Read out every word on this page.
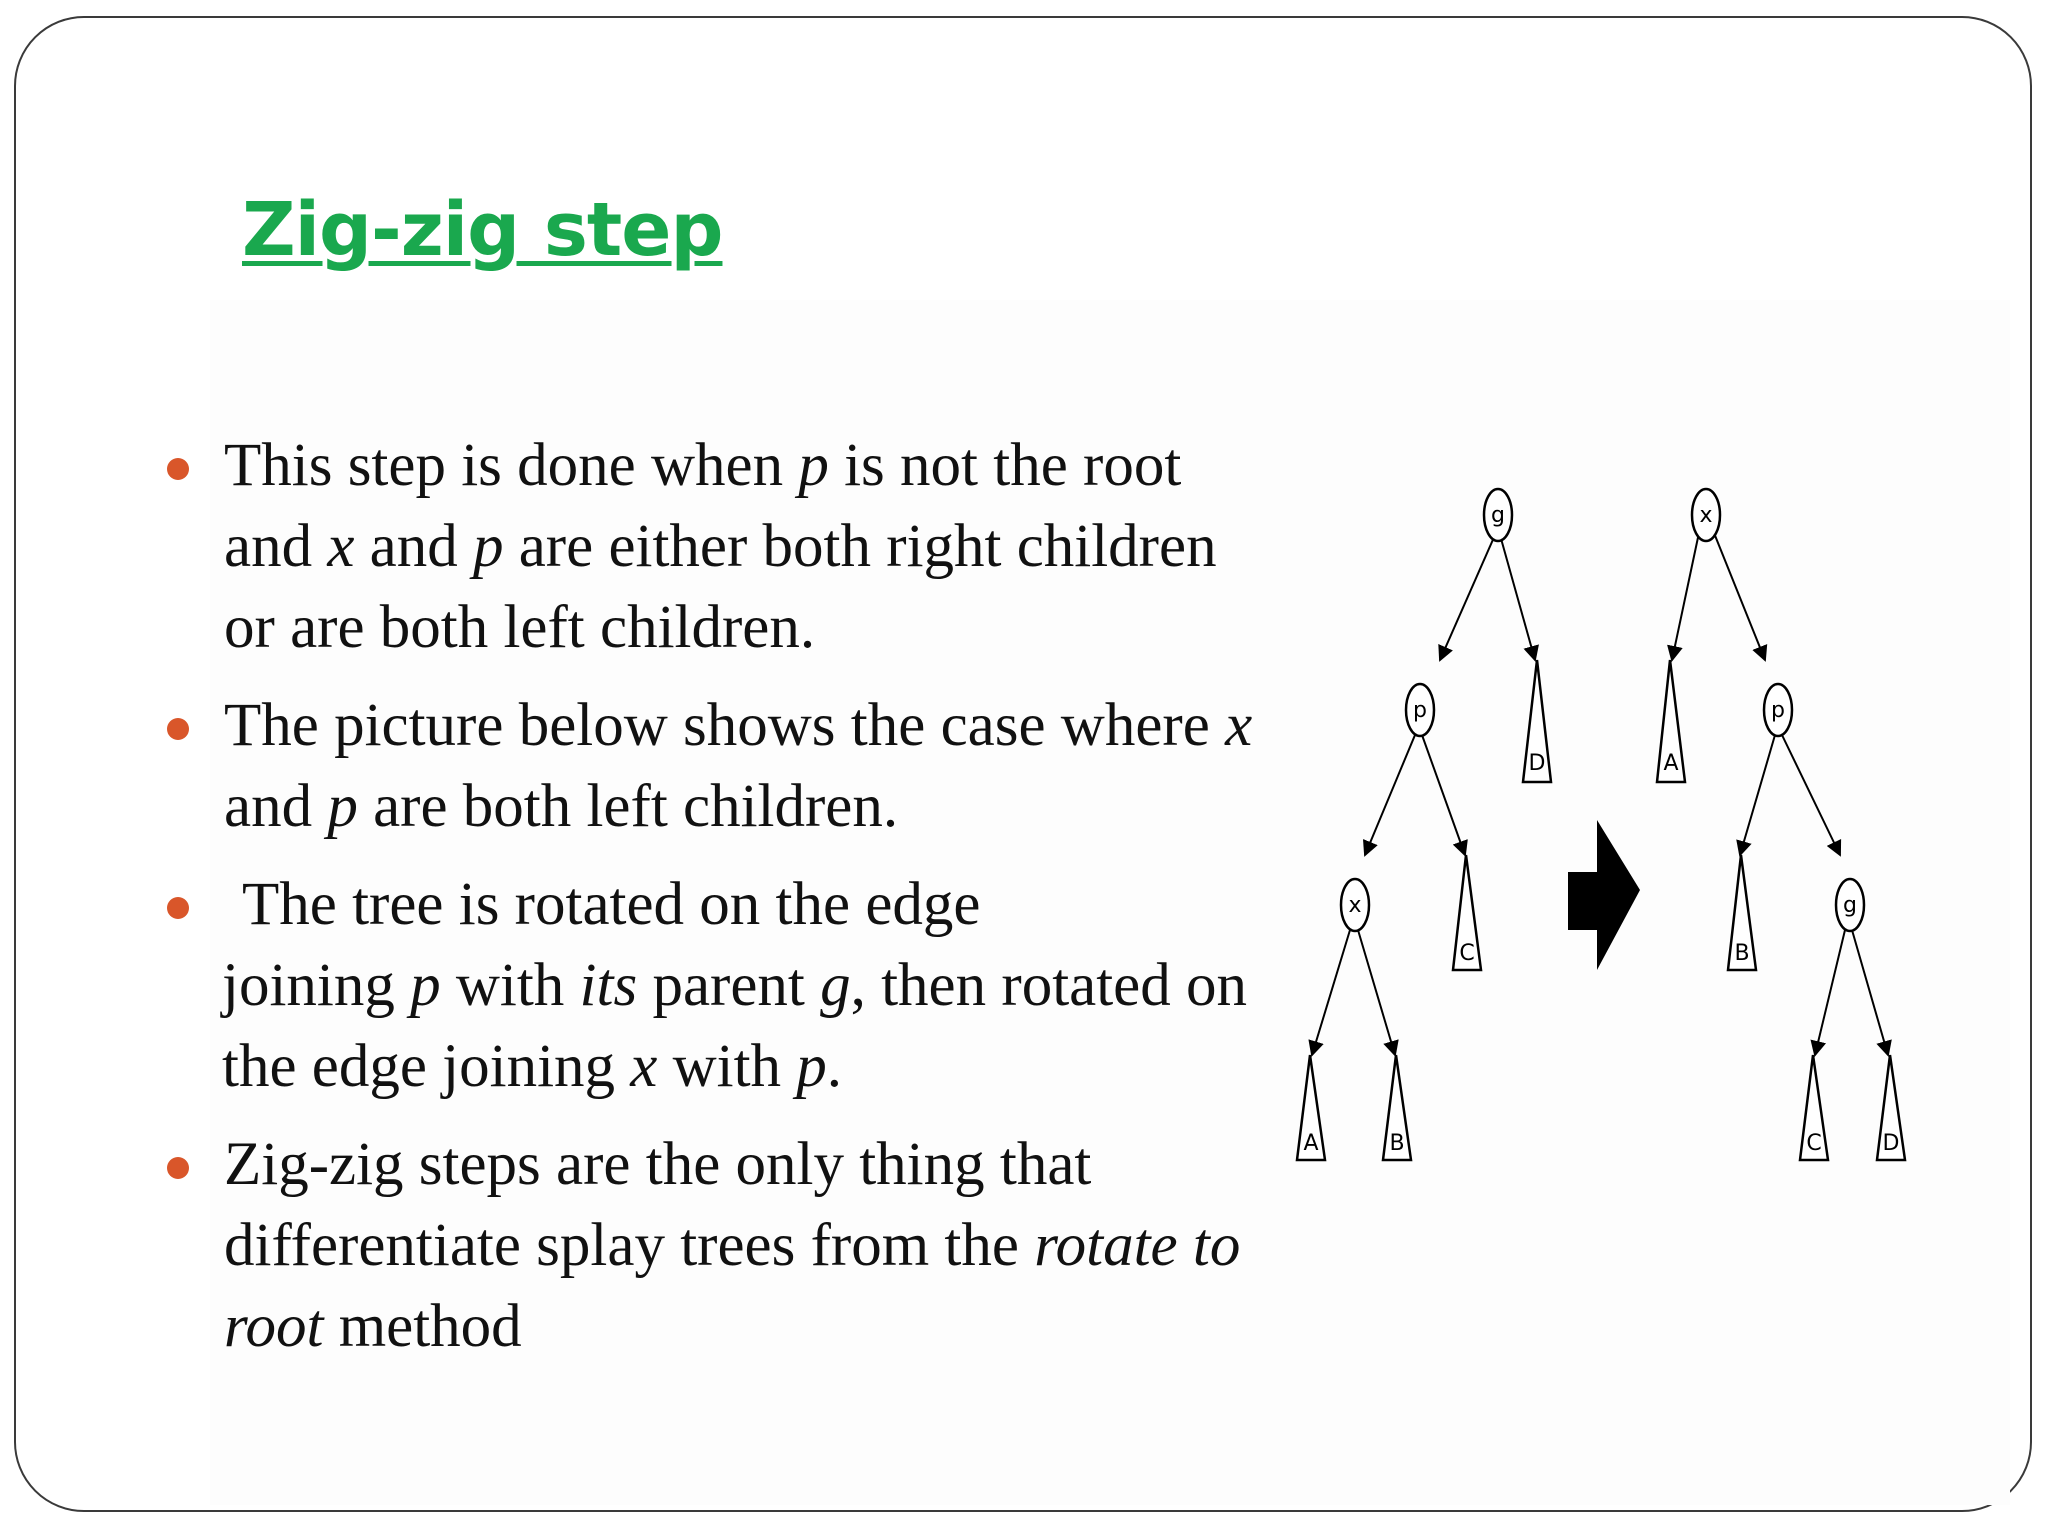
Zig-zig step
This step is done when p is not the root and x and p are either both right children or are both left children.
The picture below shows the case where x and p are both left children.
The tree is rotated on the edge
joining p with its parent g, then rotated on the edge joining x with p.
Zig-zig steps are the only thing that differentiate splay trees from the rotate to root method
g
p
x
A	B
C
D
x
p
g
A
B
C	D
